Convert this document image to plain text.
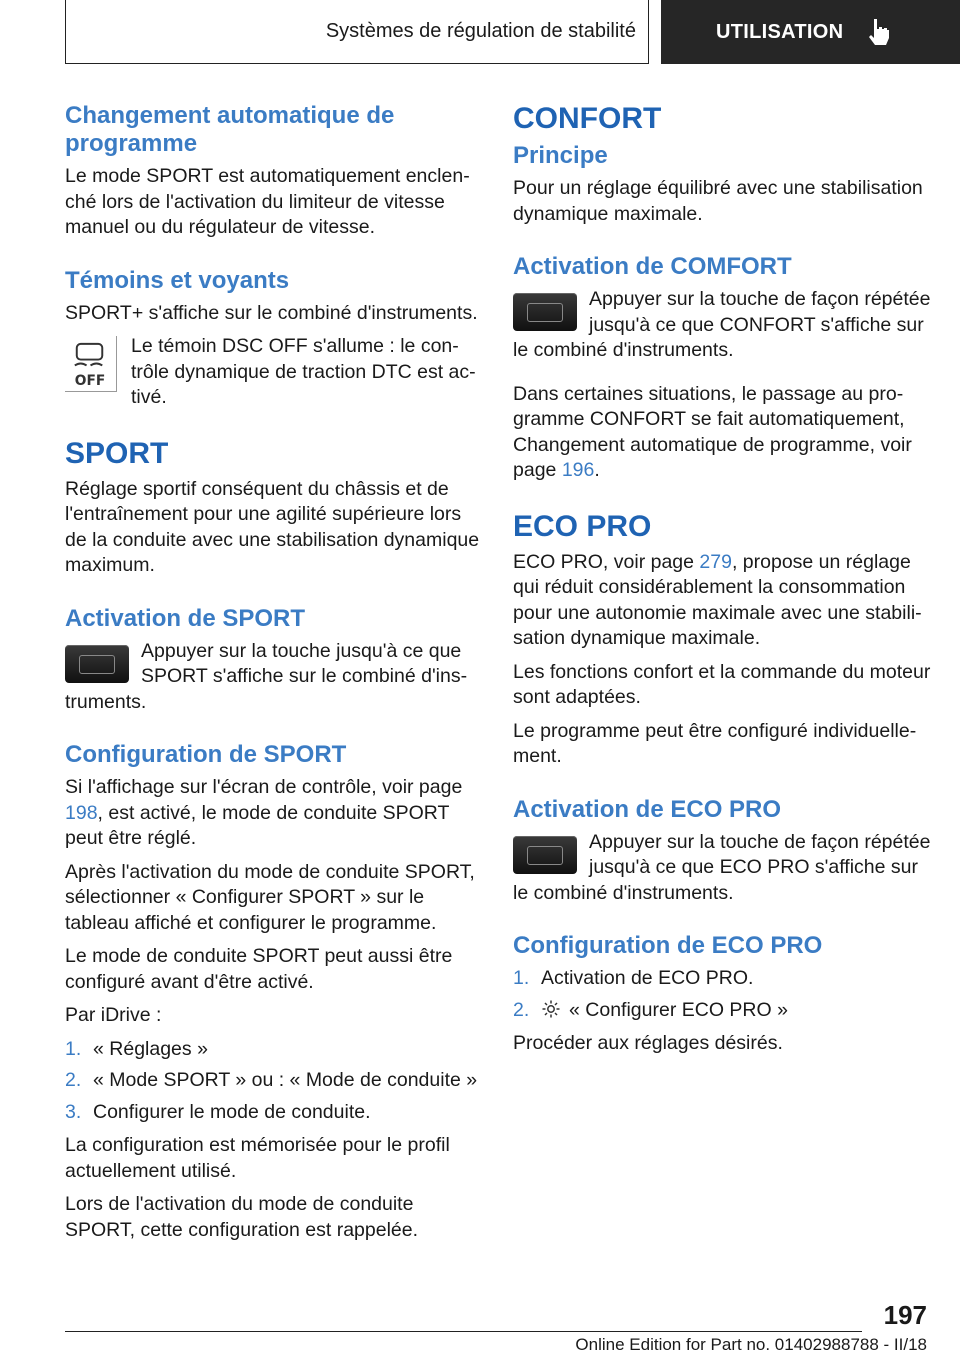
Systèmes de régulation de stabilité	UTILISATION
Changement automatique de programme

Le mode SPORT est automatiquement enclenché lors de l'activation du limiteur de vitesse manuel ou du régulateur de vitesse.

Témoins et voyants

SPORT+ s'affiche sur le combiné d'instruments.

OFF

Le témoin DSC OFF s'allume : le contrôle dynamique de traction DTC est activé.

SPORT

Réglage sportif conséquent du châssis et de l'entraînement pour une agilité supérieure lors de la conduite avec une stabilisation dynamique maximum.

Activation de SPORT

Appuyer sur la touche jusqu'à ce que SPORT s'affiche sur le combiné d'instruments.

Configuration de SPORT

Si l'affichage sur l'écran de contrôle, voir page 198, est activé, le mode de conduite SPORT peut être réglé.

Après l'activation du mode de conduite SPORT, sélectionner « Configurer SPORT » sur le tableau affiché et configurer le programme.

Le mode de conduite SPORT peut aussi être configuré avant d'être activé.

Par iDrive :

1. « Réglages »
2. « Mode SPORT » ou : « Mode de conduite »
3. Configurer le mode de conduite.

La configuration est mémorisée pour le profil actuellement utilisé.

Lors de l'activation du mode de conduite SPORT, cette configuration est rappelée.

CONFORT
Principe

Pour un réglage équilibré avec une stabilisation dynamique maximale.

Activation de COMFORT

Appuyer sur la touche de façon répétée jusqu'à ce que CONFORT s'affiche sur le combiné d'instruments.

Dans certaines situations, le passage au programme CONFORT se fait automatiquement, Changement automatique de programme, voir page 196.

ECO PRO

ECO PRO, voir page 279, propose un réglage qui réduit considérablement la consommation pour une autonomie maximale avec une stabilisation dynamique maximale.

Les fonctions confort et la commande du moteur sont adaptées.

Le programme peut être configuré individuellement.

Activation de ECO PRO

Appuyer sur la touche de façon répétée jusqu'à ce que ECO PRO s'affiche sur le combiné d'instruments.

Configuration de ECO PRO
1. Activation de ECO PRO.
2.	« Configurer ECO PRO »

Procéder aux réglages désirés.

197
Online Edition for Part no. 01402988788 - II/18
